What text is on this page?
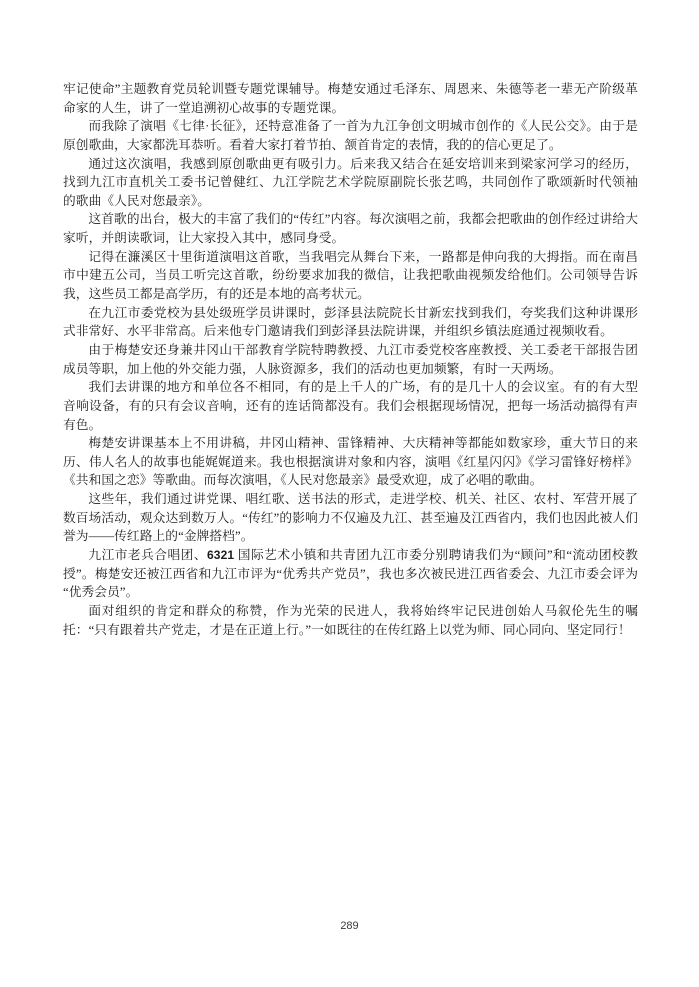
牢记使命”主题教育党员轮训暨专题党课辅导。梅楚安通过毛泽东、周恩来、朱德等老一辈无产阶级革命家的人生，讲了一堂追溯初心故事的专题党课。

而我除了演唱《七律·长征》，还特意准备了一首为九江争创文明城市创作的《人民公交》。由于是原创歌曲，大家都洗耳恭听。看着大家打着节拍、颔首肯定的表情，我的的信心更足了。

通过这次演唱，我感到原创歌曲更有吸引力。后来我又结合在延安培训来到梁家河学习的经历，找到九江市直机关工委书记曾健红、九江学院艺术学院原副院长张艺鸣，共同创作了歌颂新时代领袖的歌曲《人民对您最亲》。

这首歌的出台，极大的丰富了我们的“传红”内容。每次演唱之前，我都会把歌曲的创作经过讲给大家听，并朗读歌词，让大家投入其中，感同身受。

记得在濂溪区十里街道演唱这首歌，当我唱完从舞台下来，一路都是伸向我的大拇指。而在南昌市中建五公司，当员工听完这首歌，纷纷要求加我的微信，让我把歌曲视频发给他们。公司领导告诉我，这些员工都是高学历，有的还是本地的高考状元。

在九江市委党校为县处级班学员讲课时，彭泽县法院院长甘新宏找到我们，夸奖我们这种讲课形式非常好、水平非常高。后来他专门邀请我们到彭泽县法院讲课，并组织乡镇法庭通过视频收看。

由于梅楚安还身兼井冈山干部教育学院特聘教授、九江市委党校客座教授、关工委老干部报告团成员等职，加上他的外交能力强，人脉资源多，我们的活动也更加频繁，有时一天两场。

我们去讲课的地方和单位各不相同，有的是上千人的广场，有的是几十人的会议室。有的有大型音响设备，有的只有会议音响，还有的连话筒都没有。我们会根据现场情况，把每一场活动搞得有声有色。

梅楚安讲课基本上不用讲稿，井冈山精神、雷锋精神、大庆精神等都能如数家珍，重大节日的来历、伟人名人的故事也能娓娓道来。我也根据演讲对象和内容，演唱《红星闪闪》《学习雷锋好榜样》《共和国之恋》等歌曲。而每次演唱，《人民对您最亲》最受欢迎，成了必唱的歌曲。

这些年，我们通过讲党课、唱红歌、送书法的形式，走进学校、机关、社区、农村、军营开展了数百场活动，观众达到数万人。“传红”的影响力不仅遍及九江、甚至遍及江西省内，我们也因此被人们誉为——传红路上的“金牌搭档”。

九江市老兵合唱团、6321 国际艺术小镇和共青团九江市委分别聘请我们为“顾问”和“流动团校教授”。梅楚安还被江西省和九江市评为“优秀共产党员”，我也多次被民进江西省委会、九江市委会评为“优秀会员”。

面对组织的肯定和群众的称赞，作为光荣的民进人，我将始终牢记民进创始人马叙伦先生的嘱托：“只有跟着共产党走，才是在正道上行。”一如既往的在传红路上以党为师、同心同向、坚定同行！

289
